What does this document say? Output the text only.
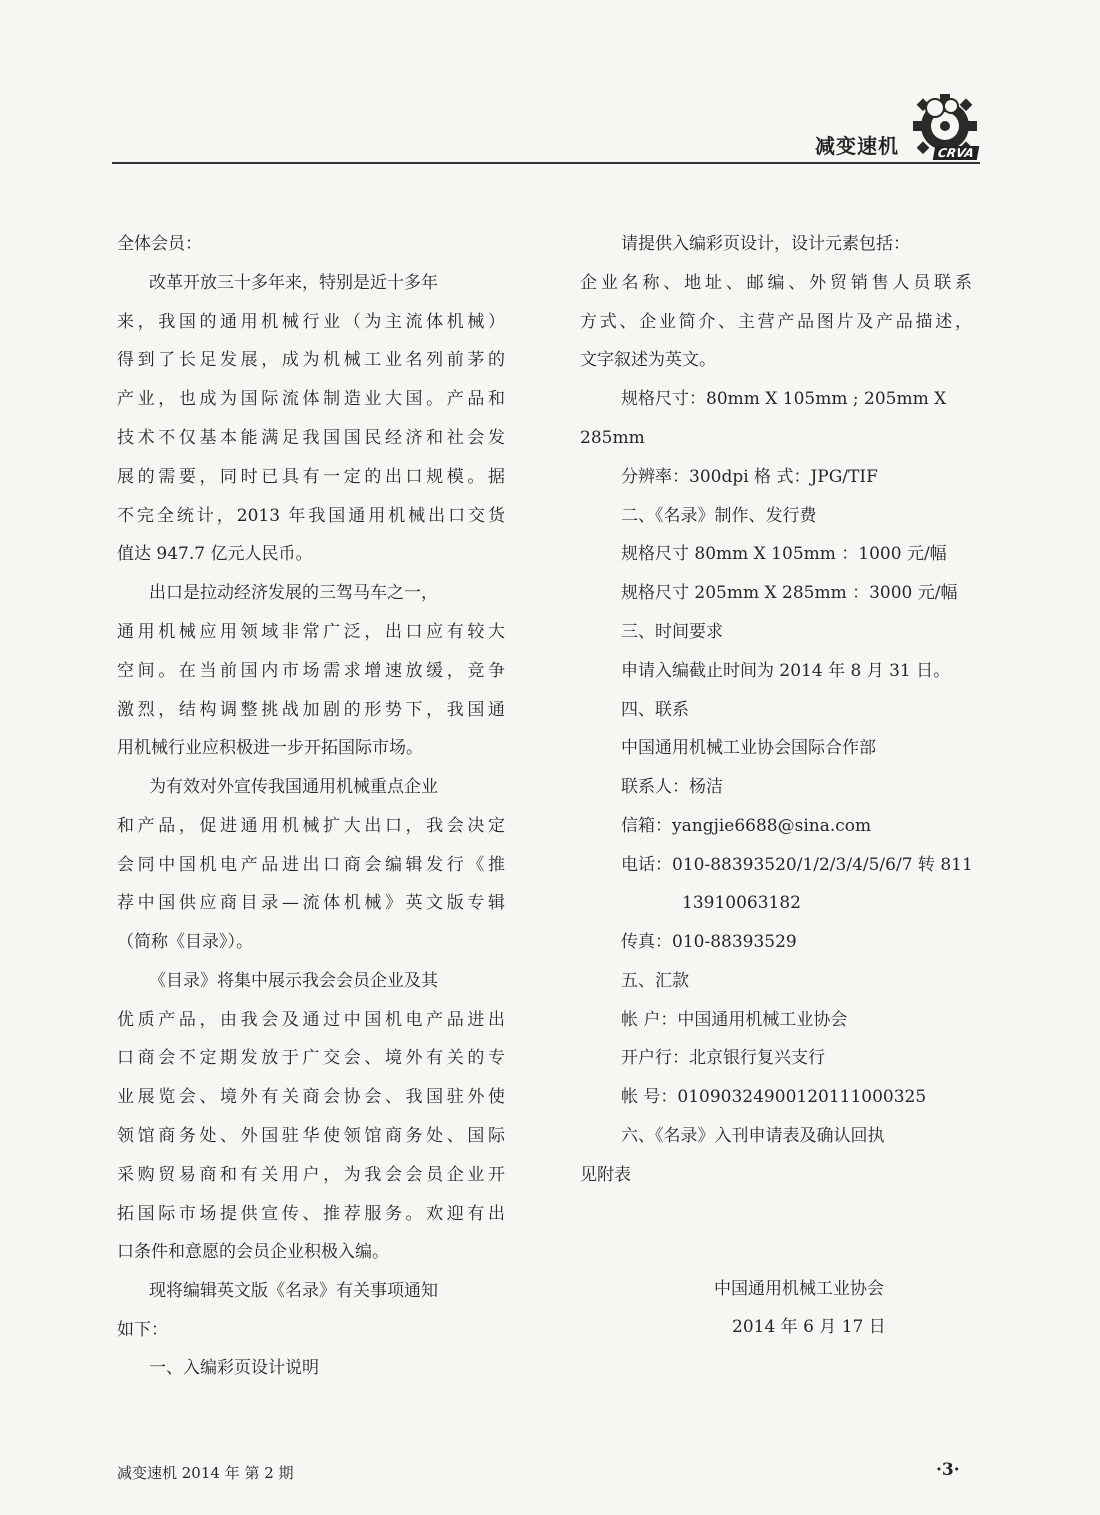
CRVA
减变速机
全体会员：
改革开放三十多年来，特别是近十多年
来，我国的通用机械行业（为主流体机械）
得到了长足发展，成为机械工业名列前茅的
产业，也成为国际流体制造业大国。产品和
技术不仅基本能满足我国国民经济和社会发
展的需要，同时已具有一定的出口规模。据
不完全统计，2013 年我国通用机械出口交货
值达 947.7 亿元人民币。
出口是拉动经济发展的三驾马车之一，
通用机械应用领域非常广泛，出口应有较大
空间。在当前国内市场需求增速放缓，竞争
激烈，结构调整挑战加剧的形势下，我国通
用机械行业应积极进一步开拓国际市场。
为有效对外宣传我国通用机械重点企业
和产品，促进通用机械扩大出口，我会决定
会同中国机电产品进出口商会编辑发行《推
荐中国供应商目录—流体机械》英文版专辑
（简称《目录》）。
《目录》将集中展示我会会员企业及其
优质产品，由我会及通过中国机电产品进出
口商会不定期发放于广交会、境外有关的专
业展览会、境外有关商会协会、我国驻外使
领馆商务处、外国驻华使领馆商务处、国际
采购贸易商和有关用户，为我会会员企业开
拓国际市场提供宣传、推荐服务。欢迎有出
口条件和意愿的会员企业积极入编。
现将编辑英文版《名录》有关事项通知
如下：
一、入编彩页设计说明
请提供入编彩页设计，设计元素包括：
企业名称、地址、邮编、外贸销售人员联系
方式、企业简介、主营产品图片及产品描述，
文字叙述为英文。
规格尺寸：80mm X 105mm ; 205mm X
285mm
分辨率：300dpi 格 式：JPG/TIF
二、《名录》制作、发行费
规格尺寸 80mm X 105mm ：1000 元/幅
规格尺寸 205mm X 285mm ：3000 元/幅
三、时间要求
申请入编截止时间为 2014 年 8 月 31 日。
四、联系
中国通用机械工业协会国际合作部
联系人：杨洁
信箱：yangjie6688@sina.com
电话：010-88393520/1/2/3/4/5/6/7 转 811
13910063182
传真：010-88393529
五、汇款
帐 户：中国通用机械工业协会
开户行：北京银行复兴支行
帐 号：01090324900120111000325
六、《名录》入刊申请表及确认回执
见附表
中国通用机械工业协会
2014 年 6 月 17 日
减变速机 2014 年 第 2 期	·3·
